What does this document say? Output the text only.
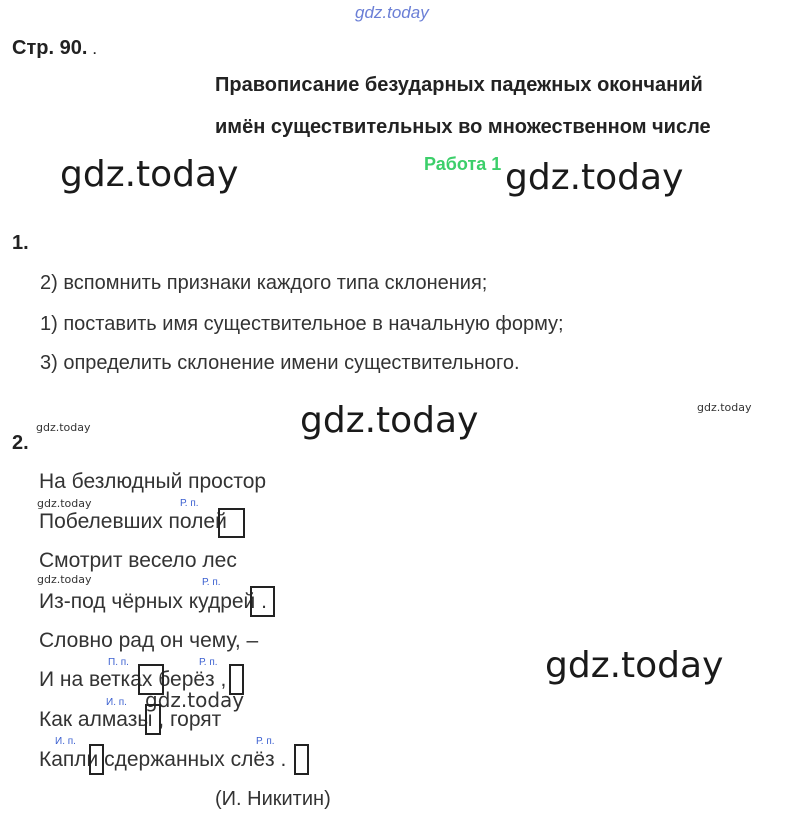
gdz.today
Стр. 90. .
Правописание безударных падежных окончаний
имён существительных во множественном числе
Работа 1
gdz.today	gdz.today
gdz.today
gdz.today
gdz.today
gdz.today
gdz.today
gdz.today
gdz.today
1.
2) вспомнить признаки каждого типа склонения;
1) поставить имя существительное в начальную форму;
3) определить склонение имени существительного.
2.
На безлюдный простор
Побелевших полей
Смотрит весело лес
Из-под чёрных кудрей .
Словно рад он чему, –
И на ветках берёз ,
Как алмазы , горят
Капли сдержанных слёз .
Р. п.
Р. п.
П. п.	Р. п.
И. п.
И. п.	Р. п.
(И. Никитин)
